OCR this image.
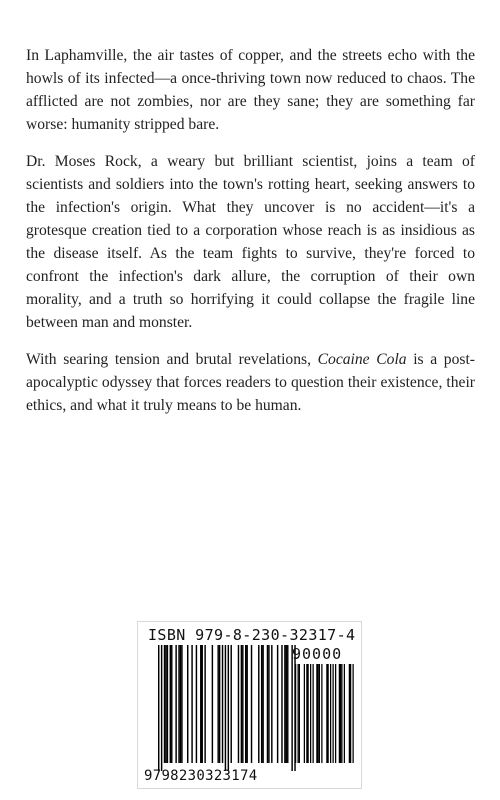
In Laphamville, the air tastes of copper, and the streets echo with the howls of its infected—a once-thriving town now reduced to chaos. The afflicted are not zombies, nor are they sane; they are something far worse: humanity stripped bare.

Dr. Moses Rock, a weary but brilliant scientist, joins a team of scientists and soldiers into the town's rotting heart, seeking answers to the infection's origin. What they uncover is no accident—it's a grotesque creation tied to a corporation whose reach is as insidious as the disease itself. As the team fights to survive, they're forced to confront the infection's dark allure, the corruption of their own morality, and a truth so horrifying it could collapse the fragile line between man and monster.

With searing tension and brutal revelations, Cocaine Cola is a post-apocalyptic odyssey that forces readers to question their existence, their ethics, and what it truly means to be human.

ISBN 979-8-230-32317-4
90000
9798230323174
